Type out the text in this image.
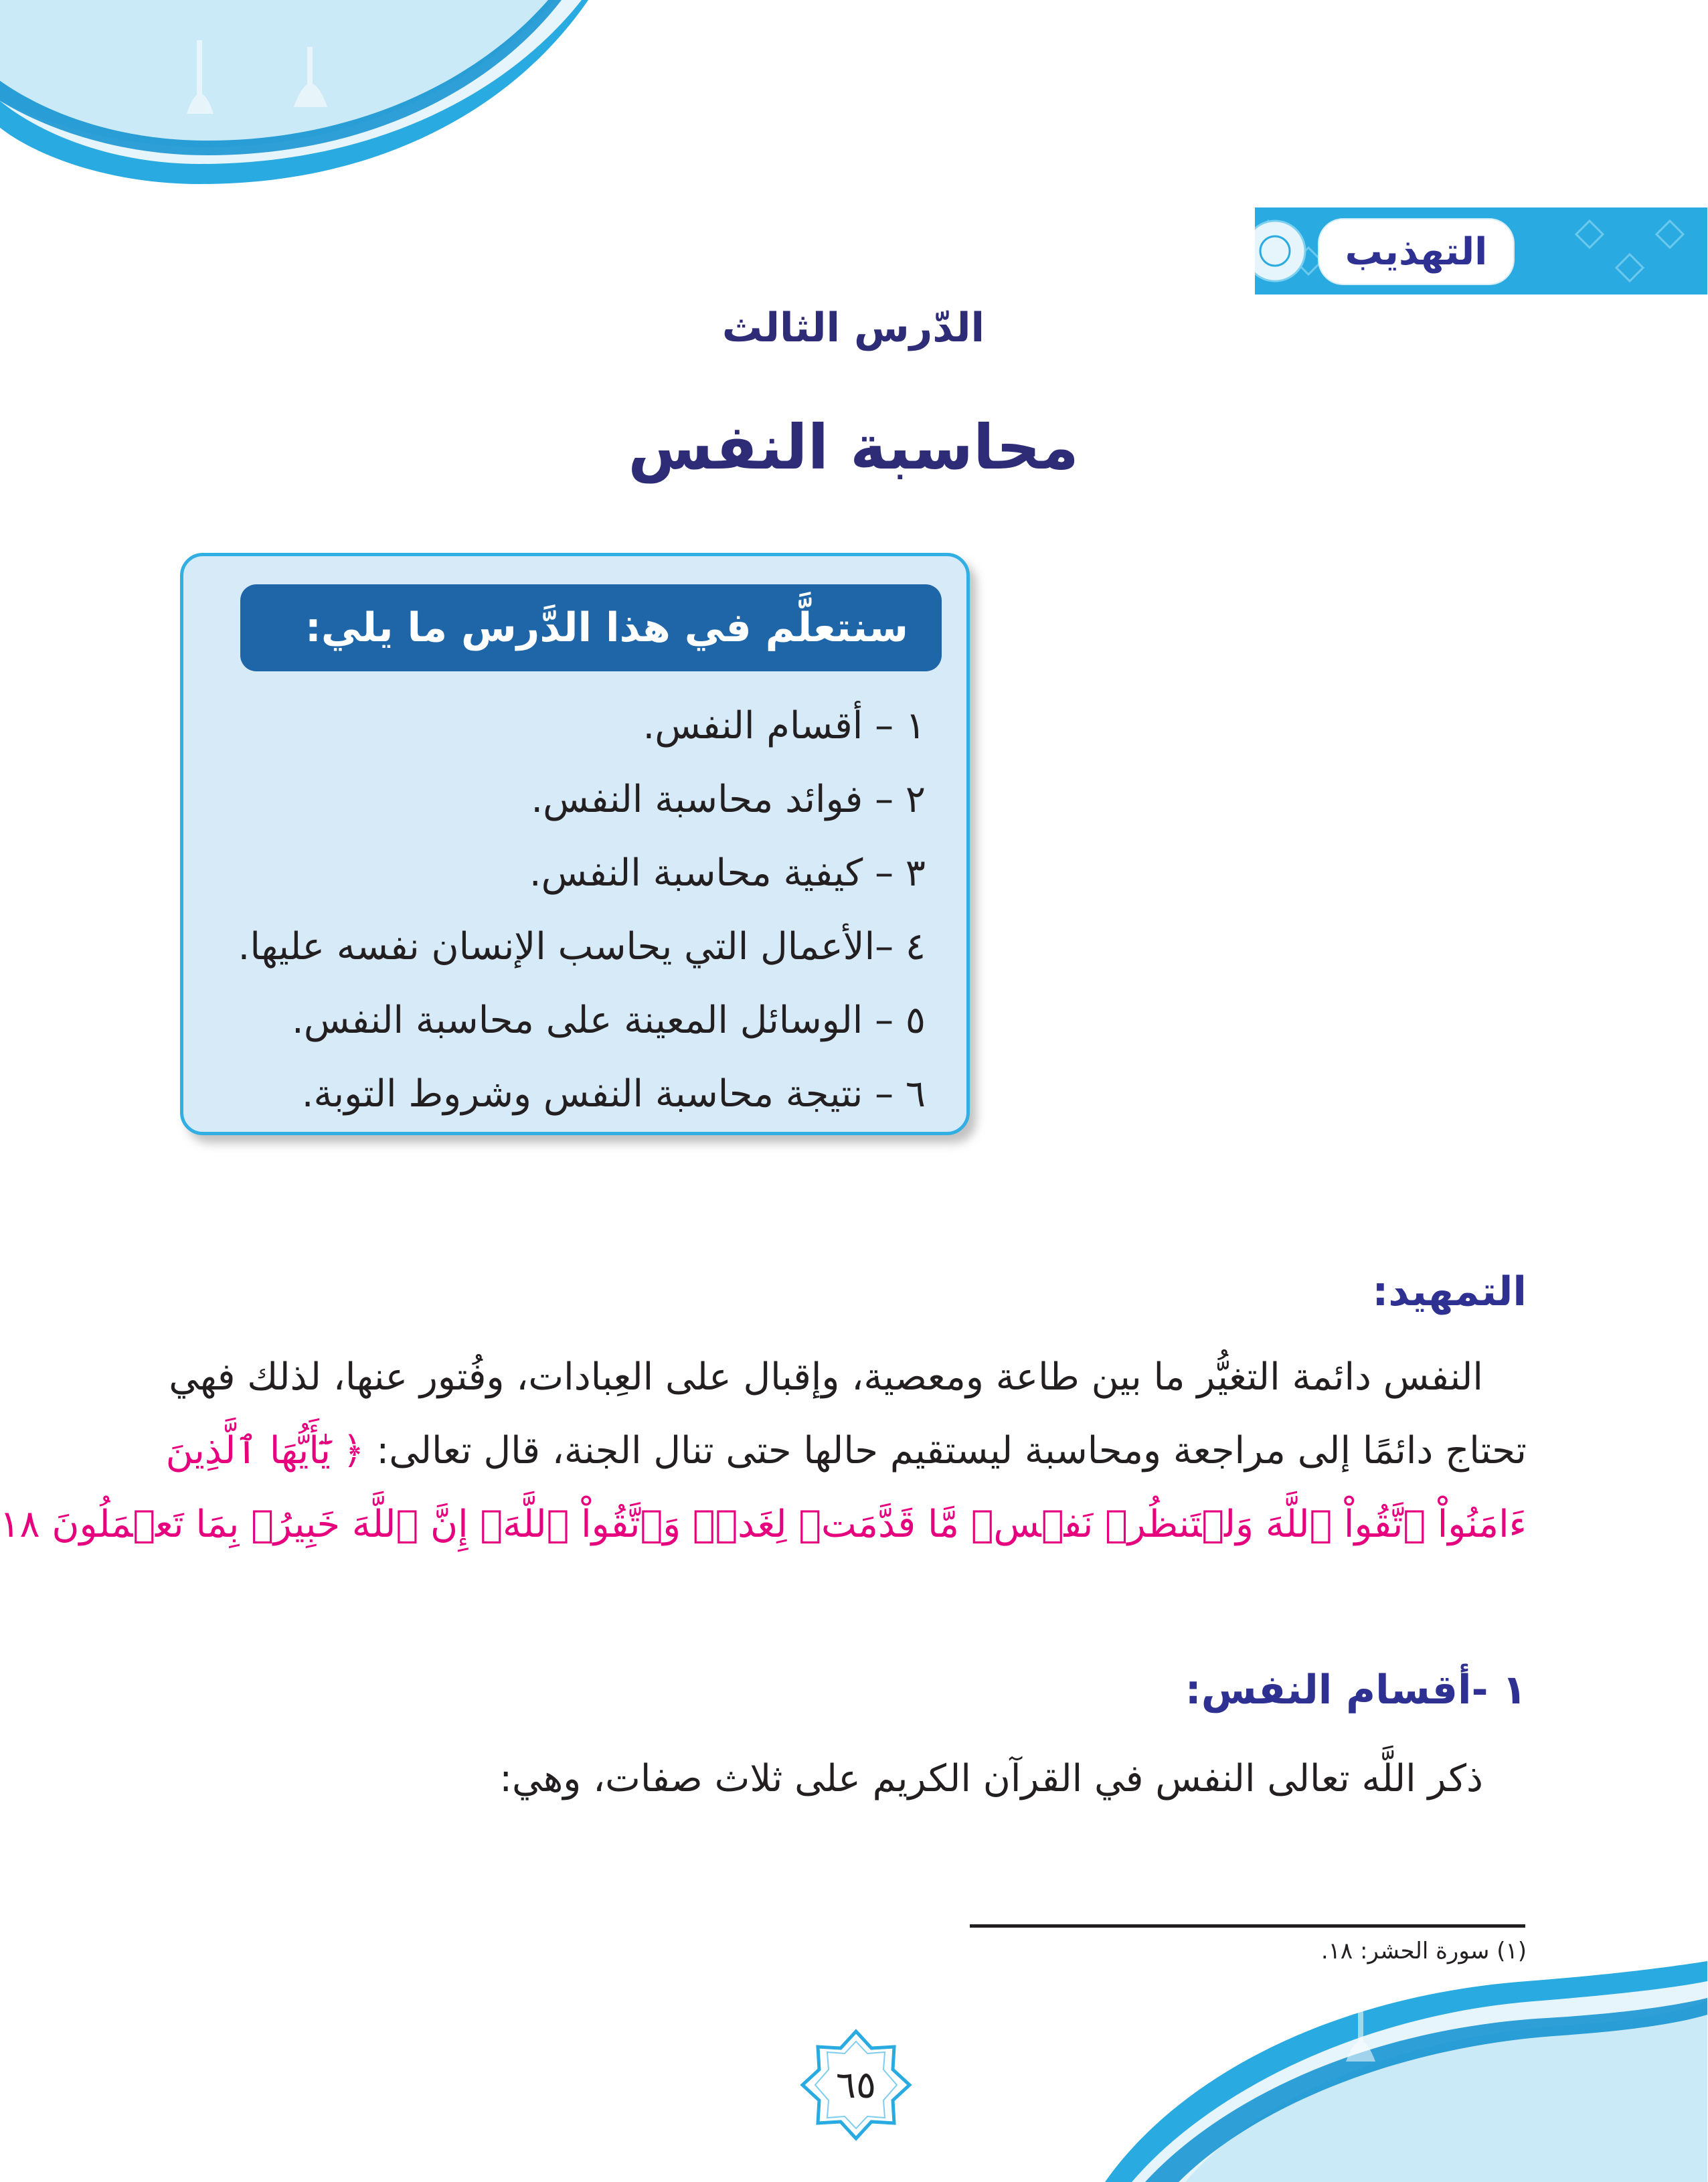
التهذيب
الدّرس الثالث
محاسبة النفس
سنتعلَّم في هذا الدَّرس ما يلي:
١ – أقسام النفس.
٢ – فوائد محاسبة النفس.
٣ – كيفية محاسبة النفس.
٤ –الأعمال التي يحاسب الإنسان نفسه عليها.
٥ – الوسائل المعينة على محاسبة النفس.
٦ – نتيجة محاسبة النفس وشروط التوبة.
التمهيد:
النفس دائمة التغيُّر ما بين طاعة ومعصية، وإقبال على العِبادات، وفُتور عنها، لذلك فهي
تحتاج دائمًا إلى مراجعة ومحاسبة ليستقيم حالها حتى تنال الجنة، قال تعالى: ﴿ يَٰٓأَيُّهَا ٱلَّذِينَ
ءَامَنُواْ ٱتَّقُواْ ٱللَّهَ وَلۡتَنظُرۡ نَفۡسٞ مَّا قَدَّمَتۡ لِغَدٖۖ وَٱتَّقُواْ ٱللَّهَۚ إِنَّ ٱللَّهَ خَبِيرُۢ بِمَا تَعۡمَلُونَ ١٨
١ -أقسام النفس:
ذكر اللَّه تعالى النفس في القرآن الكريم على ثلاث صفات، وهي:
(١) سورة الحشر: ١٨.
٦٥
